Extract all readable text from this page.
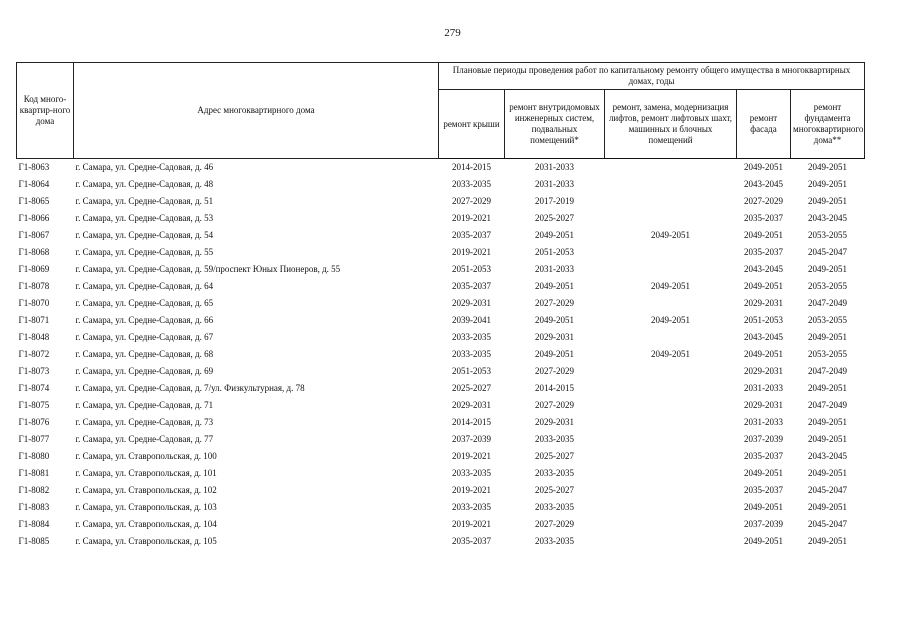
279
Код много-квартир-ного дома	Адрес многоквартирного дома	Плановые периоды проведения работ по капитальному ремонту общего имущества в многоквартирных домах, годы				
		ремонт крыши	ремонт внутридомовых инженерных систем, подвальных помещений*	ремонт, замена, модернизация лифтов, ремонт лифтовых шахт, машинных и блочных помещений	ремонт фасада	ремонт фундамента многоквартирного дома**
Г1-8063	г. Самара, ул. Средне-Садовая, д. 46	2014-2015	2031-2033		2049-2051	2049-2051
Г1-8064	г. Самара, ул. Средне-Садовая, д. 48	2033-2035	2031-2033		2043-2045	2049-2051
Г1-8065	г. Самара, ул. Средне-Садовая, д. 51	2027-2029	2017-2019		2027-2029	2049-2051
Г1-8066	г. Самара, ул. Средне-Садовая, д. 53	2019-2021	2025-2027		2035-2037	2043-2045
Г1-8067	г. Самара, ул. Средне-Садовая, д. 54	2035-2037	2049-2051	2049-2051	2049-2051	2053-2055
Г1-8068	г. Самара, ул. Средне-Садовая, д. 55	2019-2021	2051-2053		2035-2037	2045-2047
Г1-8069	г. Самара, ул. Средне-Садовая, д. 59/проспект Юных Пионеров, д. 55	2051-2053	2031-2033		2043-2045	2049-2051
Г1-8078	г. Самара, ул. Средне-Садовая, д. 64	2035-2037	2049-2051	2049-2051	2049-2051	2053-2055
Г1-8070	г. Самара, ул. Средне-Садовая, д. 65	2029-2031	2027-2029		2029-2031	2047-2049
Г1-8071	г. Самара, ул. Средне-Садовая, д. 66	2039-2041	2049-2051	2049-2051	2051-2053	2053-2055
Г1-8048	г. Самара, ул. Средне-Садовая, д. 67	2033-2035	2029-2031		2043-2045	2049-2051
Г1-8072	г. Самара, ул. Средне-Садовая, д. 68	2033-2035	2049-2051	2049-2051	2049-2051	2053-2055
Г1-8073	г. Самара, ул. Средне-Садовая, д. 69	2051-2053	2027-2029		2029-2031	2047-2049
Г1-8074	г. Самара, ул. Средне-Садовая, д. 7/ул. Физкультурная, д. 78	2025-2027	2014-2015		2031-2033	2049-2051
Г1-8075	г. Самара, ул. Средне-Садовая, д. 71	2029-2031	2027-2029		2029-2031	2047-2049
Г1-8076	г. Самара, ул. Средне-Садовая, д. 73	2014-2015	2029-2031		2031-2033	2049-2051
Г1-8077	г. Самара, ул. Средне-Садовая, д. 77	2037-2039	2033-2035		2037-2039	2049-2051
Г1-8080	г. Самара, ул. Ставропольская, д. 100	2019-2021	2025-2027		2035-2037	2043-2045
Г1-8081	г. Самара, ул. Ставропольская, д. 101	2033-2035	2033-2035		2049-2051	2049-2051
Г1-8082	г. Самара, ул. Ставропольская, д. 102	2019-2021	2025-2027		2035-2037	2045-2047
Г1-8083	г. Самара, ул. Ставропольская, д. 103	2033-2035	2033-2035		2049-2051	2049-2051
Г1-8084	г. Самара, ул. Ставропольская, д. 104	2019-2021	2027-2029		2037-2039	2045-2047
Г1-8085	г. Самара, ул. Ставропольская, д. 105	2035-2037	2033-2035		2049-2051	2049-2051
